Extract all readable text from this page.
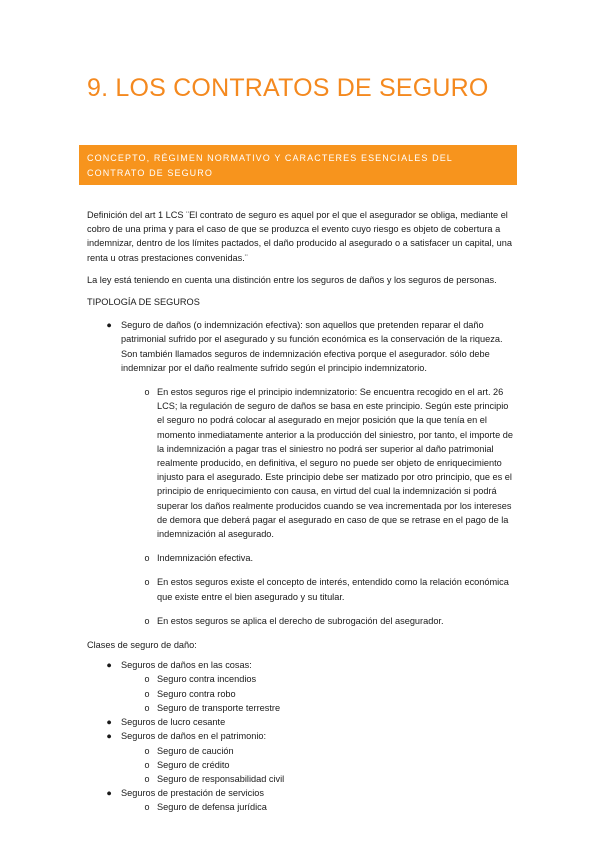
9. LOS CONTRATOS DE SEGURO
CONCEPTO, RÉGIMEN NORMATIVO Y CARACTERES ESENCIALES DEL CONTRATO DE SEGURO

Definición del art 1 LCS ¨El contrato de seguro es aquel por el que el asegurador se obliga, mediante el cobro de una prima y para el caso de que se produzca el evento cuyo riesgo es objeto de cobertura a indemnizar, dentro de los límites pactados, el daño producido al asegurado o a satisfacer un capital, una renta u otras prestaciones convenidas.¨

La ley está teniendo en cuenta una distinción entre los seguros de daños y los seguros de personas.

TIPOLOGÍA DE SEGUROS

● Seguro de daños (o indemnización efectiva): son aquellos que pretenden reparar el daño patrimonial sufrido por el asegurado y su función económica es la conservación de la riqueza. Son también llamados seguros de indemnización efectiva porque el asegurador. sólo debe indemnizar por el daño realmente sufrido según el principio indemnizatorio.

o En estos seguros rige el principio indemnizatorio: Se encuentra recogido en el art. 26 LCS; la regulación de seguro de daños se basa en este principio. Según este principio el seguro no podrá colocar al asegurado en mejor posición que la que tenía en el momento inmediatamente anterior a la producción del siniestro, por tanto, el importe de la indemnización a pagar tras el siniestro no podrá ser superior al daño patrimonial realmente producido, en definitiva, el seguro no puede ser objeto de enriquecimiento injusto para el asegurado. Este principio debe ser matizado por otro principio, que es el principio de enriquecimiento con causa, en virtud del cual la indemnización si podrá superar los daños realmente producidos cuando se vea incrementada por los intereses de demora que deberá pagar el asegurado en caso de que se retrase en el pago de la indemnización al asegurado.

o Indemnización efectiva.

o En estos seguros existe el concepto de interés, entendido como la relación económica que existe entre el bien asegurado y su titular.

o En estos seguros se aplica el derecho de subrogación del asegurador.

Clases de seguro de daño:

● Seguros de daños en las cosas:

o Seguro contra incendios

o Seguro contra robo

o Seguro de transporte terrestre

● Seguros de lucro cesante

● Seguros de daños en el patrimonio:

o Seguro de caución

o Seguro de crédito

o Seguro de responsabilidad civil

● Seguros de prestación de servicios

o Seguro de defensa jurídica
